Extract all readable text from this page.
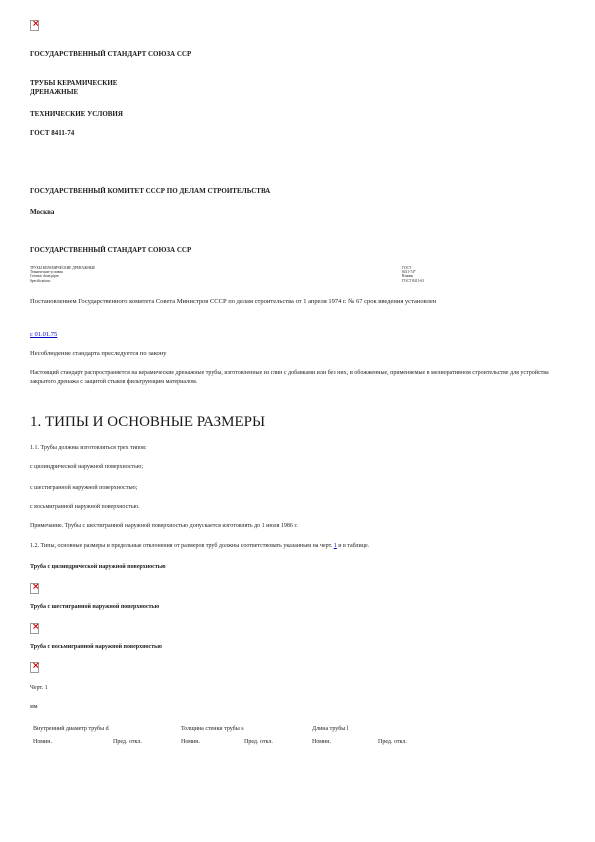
×
ГОСУДАРСТВЕННЫЙ СТАНДАРТ СОЮЗА ССР
ТРУБЫ КЕРАМИЧЕСКИЕ
ДРЕНАЖНЫЕ
ТЕХНИЧЕСКИЕ УСЛОВИЯ
ГОСТ 8411-74
ГОСУДАРСТВЕННЫЙ КОМИТЕТ СССР ПО ДЕЛАМ СТРОИТЕЛЬСТВА
Москва
ГОСУДАРСТВЕННЫЙ СТАНДАРТ СОЮЗА ССР
ТРУБЫ КЕРАМИЧЕСКИЕ ДРЕНАЖНЫЕ
Технические условия
Ceramic drain pipes
Specifications
ГОСТ
8411-74*
Взамен
ГОСТ 8411-63
Постановлением Государственного комитета Совета Министров СССР по делам строительства от 1 апреля 1974 г. № 67 срок введения установлен
с 01.01.75
Несоблюдение стандарта преследуется по закону
Настоящий стандарт распространяется на керамические дренажные трубы, изготовленные из глин с добавками или без них, и обожженные, применяемые в мелиоративном строительстве для устройства закрытого дренажа с защитой стыков фильтрующим материалом.
1. ТИПЫ И ОСНОВНЫЕ РАЗМЕРЫ
1.1. Трубы должны изготовляться трех типов:
с цилиндрической наружной поверхностью;
с шестигранной наружной поверхностью;
с восьмигранной наружной поверхностью.
Примечание. Трубы с шестигранной наружной поверхностью допускается изготовлять до 1 июля 1986 г.
1.2. Типы, основные размеры и предельные отклонения от размеров труб должны соответствовать указанным на черт. 1 и в таблице.
Труба с цилиндрической наружной поверхностью
×
Труба с шестигранной наружной поверхностью
×
Труба с восьмигранной наружной поверхностью
×
Черт. 1
мм
Внутренний диаметр трубы d	Толщина стенки трубы s	Длина трубы l
Номин.	Пред. откл.	Номин.	Пред. откл.	Номин.	Пред. откл.
